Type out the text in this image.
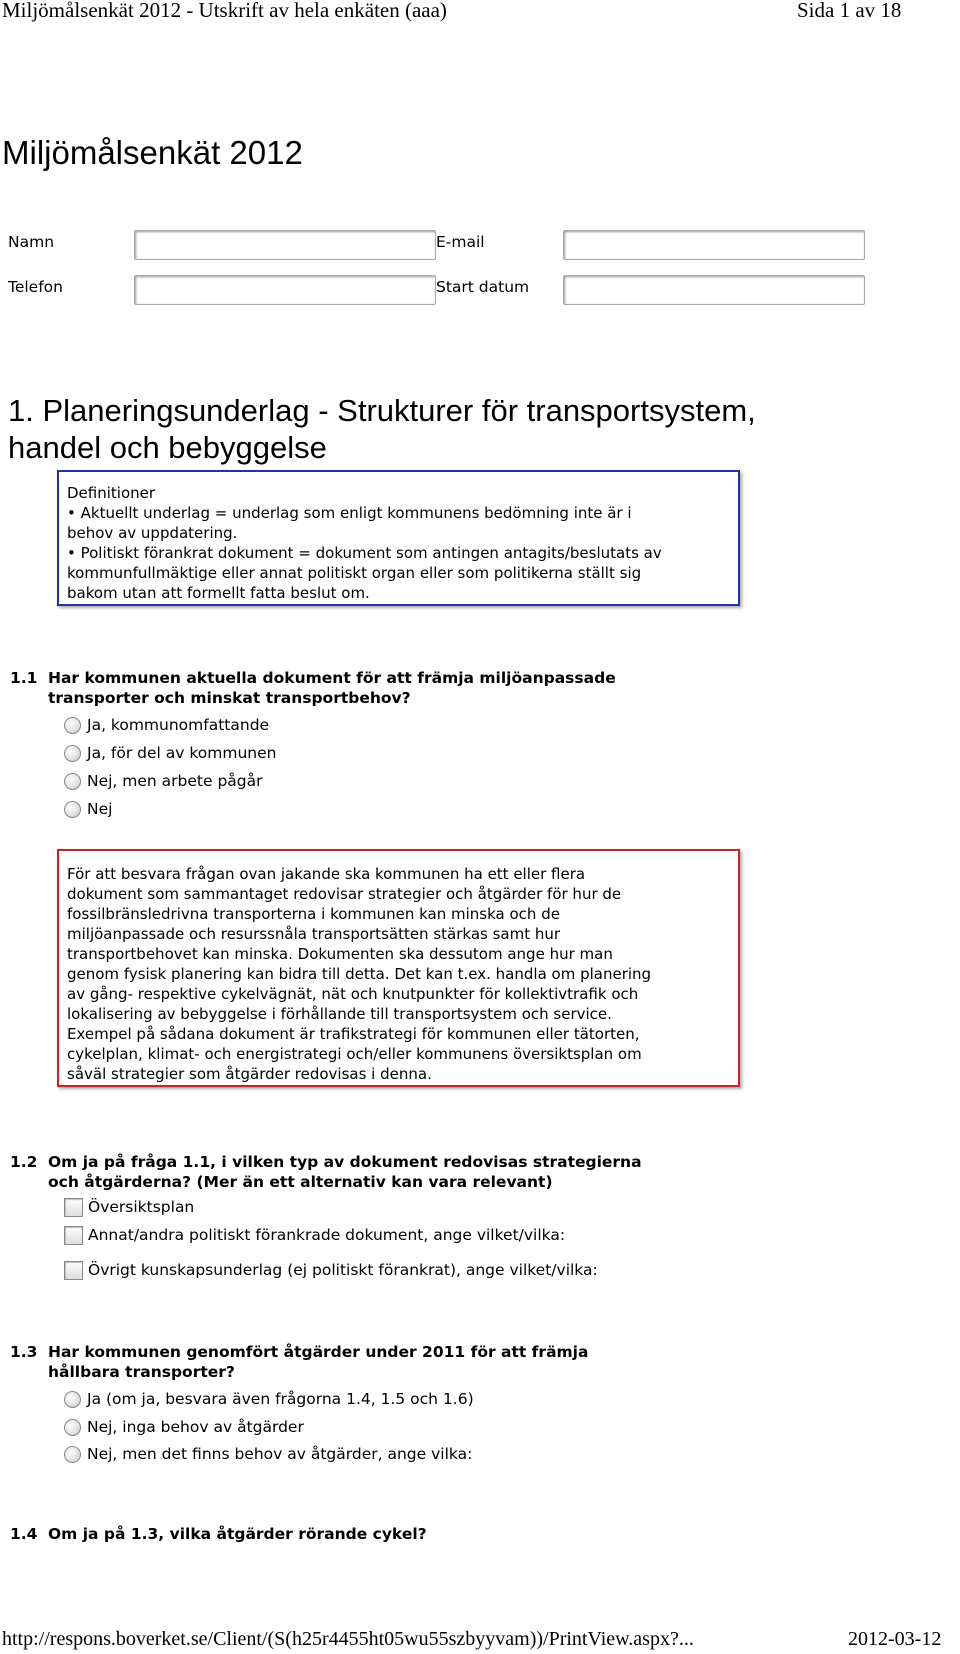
Miljömålsenkät 2012 - Utskrift av hela enkäten (aaa)	Sida 1 av 18
Miljömålsenkät 2012
Namn	E-mail
Telefon	Start datum
1. Planeringsunderlag - Strukturer för transportsystem,
handel och bebyggelse
Definitioner
• Aktuellt underlag = underlag som enligt kommunens bedömning inte är i
behov av uppdatering.
• Politiskt förankrat dokument = dokument som antingen antagits/beslutats av
kommunfullmäktige eller annat politiskt organ eller som politikerna ställt sig
bakom utan att formellt fatta beslut om.
1.1 Har kommunen aktuella dokument för att främja miljöanpassade
transporter och minskat transportbehov?
Ja, kommunomfattande
Ja, för del av kommunen
Nej, men arbete pågår
Nej
För att besvara frågan ovan jakande ska kommunen ha ett eller flera
dokument som sammantaget redovisar strategier och åtgärder för hur de
fossilbränsledrivna transporterna i kommunen kan minska och de
miljöanpassade och resurssnåla transportsätten stärkas samt hur
transportbehovet kan minska. Dokumenten ska dessutom ange hur man
genom fysisk planering kan bidra till detta. Det kan t.ex. handla om planering
av gång- respektive cykelvägnät, nät och knutpunkter för kollektivtrafik och
lokalisering av bebyggelse i förhållande till transportsystem och service.
Exempel på sådana dokument är trafikstrategi för kommunen eller tätorten,
cykelplan, klimat- och energistrategi och/eller kommunens översiktsplan om
såväl strategier som åtgärder redovisas i denna.
1.2 Om ja på fråga 1.1, i vilken typ av dokument redovisas strategierna
och åtgärderna? (Mer än ett alternativ kan vara relevant)
Översiktsplan
Annat/andra politiskt förankrade dokument, ange vilket/vilka:
Övrigt kunskapsunderlag (ej politiskt förankrat), ange vilket/vilka:
1.3 Har kommunen genomfört åtgärder under 2011 för att främja
hållbara transporter?
Ja (om ja, besvara även frågorna 1.4, 1.5 och 1.6)
Nej, inga behov av åtgärder
Nej, men det finns behov av åtgärder, ange vilka:
1.4 Om ja på 1.3, vilka åtgärder rörande cykel?
http://respons.boverket.se/Client/(S(h25r4455ht05wu55szbyyvam))/PrintView.aspx?...	2012-03-12
